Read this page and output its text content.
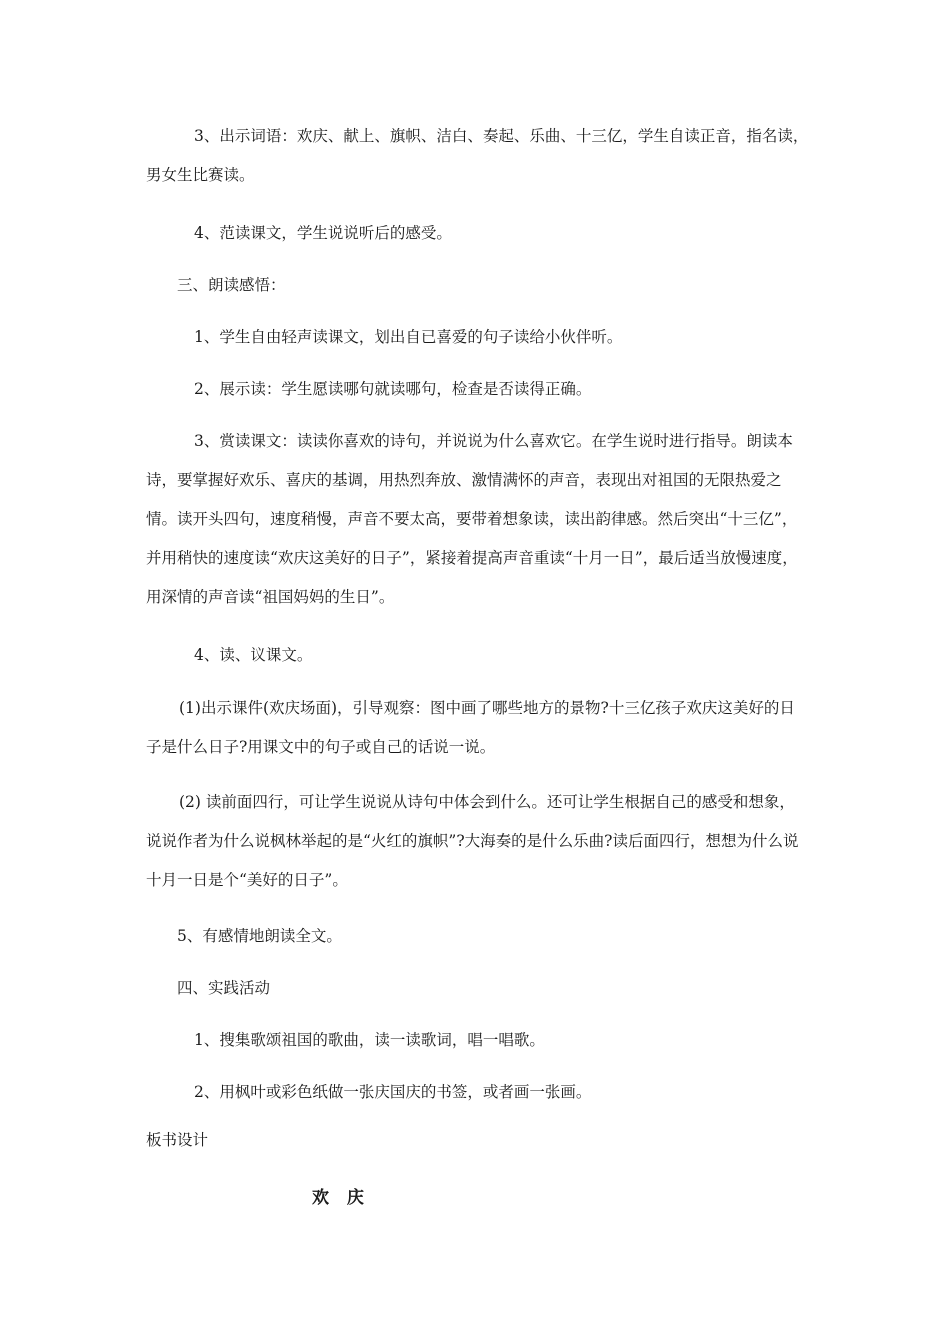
3、出示词语：欢庆、献上、旗帜、洁白、奏起、乐曲、十三亿，学生自读正音，指名读，男女生比赛读。

4、范读课文，学生说说听后的感受。

三、朗读感悟：

1、学生自由轻声读课文，划出自已喜爱的句子读给小伙伴听。

2、展示读：学生愿读哪句就读哪句，检查是否读得正确。

3、赏读课文：读读你喜欢的诗句，并说说为什么喜欢它。在学生说时进行指导。朗读本诗，要掌握好欢乐、喜庆的基调，用热烈奔放、激情满怀的声音，表现出对祖国的无限热爱之情。读开头四句，速度稍慢，声音不要太高，要带着想象读，读出韵律感。然后突出“十三亿”，并用稍快的速度读“欢庆这美好的日子”，紧接着提高声音重读“十月一日”，最后适当放慢速度，用深情的声音读“祖国妈妈的生日”。

4、读、议课文。

(1)出示课件(欢庆场面)，引导观察：图中画了哪些地方的景物?十三亿孩子欢庆这美好的日子是什么日子?用课文中的句子或自己的话说一说。

(2) 读前面四行，可让学生说说从诗句中体会到什么。还可让学生根据自己的感受和想象，说说作者为什么说枫林举起的是“火红的旗帜”?大海奏的是什么乐曲?读后面四行，想想为什么说十月一日是个“美好的日子”。

5、有感情地朗读全文。

四、实践活动

1、搜集歌颂祖国的歌曲，读一读歌词，唱一唱歌。

2、用枫叶或彩色纸做一张庆国庆的书签，或者画一张画。

板书设计

欢 庆
